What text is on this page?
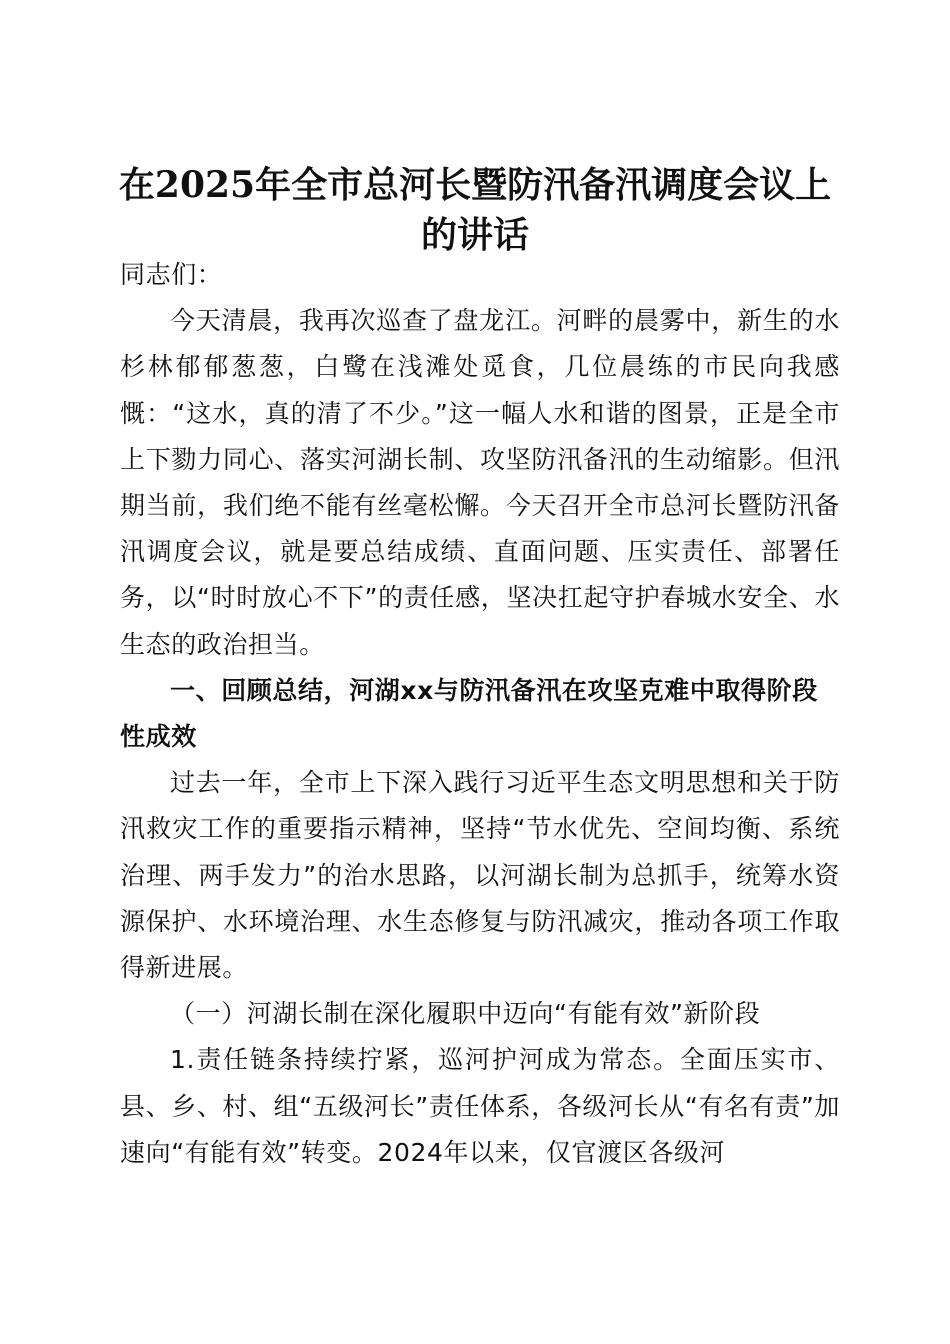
在2025年全市总河长暨防汛备汛调度会议上
的讲话

同志们：

今天清晨，我再次巡查了盘龙江。河畔的晨雾中，新生的水杉林郁郁葱葱，白鹭在浅滩处觅食，几位晨练的市民向我感慨：“这水，真的清了不少。”这一幅人水和谐的图景，正是全市上下勠力同心、落实河湖长制、攻坚防汛备汛的生动缩影。但汛期当前，我们绝不能有丝毫松懈。今天召开全市总河长暨防汛备汛调度会议，就是要总结成绩、直面问题、压实责任、部署任务，以“时时放心不下”的责任感，坚决扛起守护春城水安全、水生态的政治担当。

一、回顾总结，河湖xx与防汛备汛在攻坚克难中取得阶段性成效

过去一年，全市上下深入践行习近平生态文明思想和关于防汛救灾工作的重要指示精神，坚持“节水优先、空间均衡、系统治理、两手发力”的治水思路，以河湖长制为总抓手，统筹水资源保护、水环境治理、水生态修复与防汛减灾，推动各项工作取得新进展。

（一）河湖长制在深化履职中迈向“有能有效”新阶段

1.责任链条持续拧紧，巡河护河成为常态。全面压实市、县、乡、村、组“五级河长”责任体系，各级河长从“有名有责”加速向“有能有效”转变。2024年以来，仅官渡区各级河
